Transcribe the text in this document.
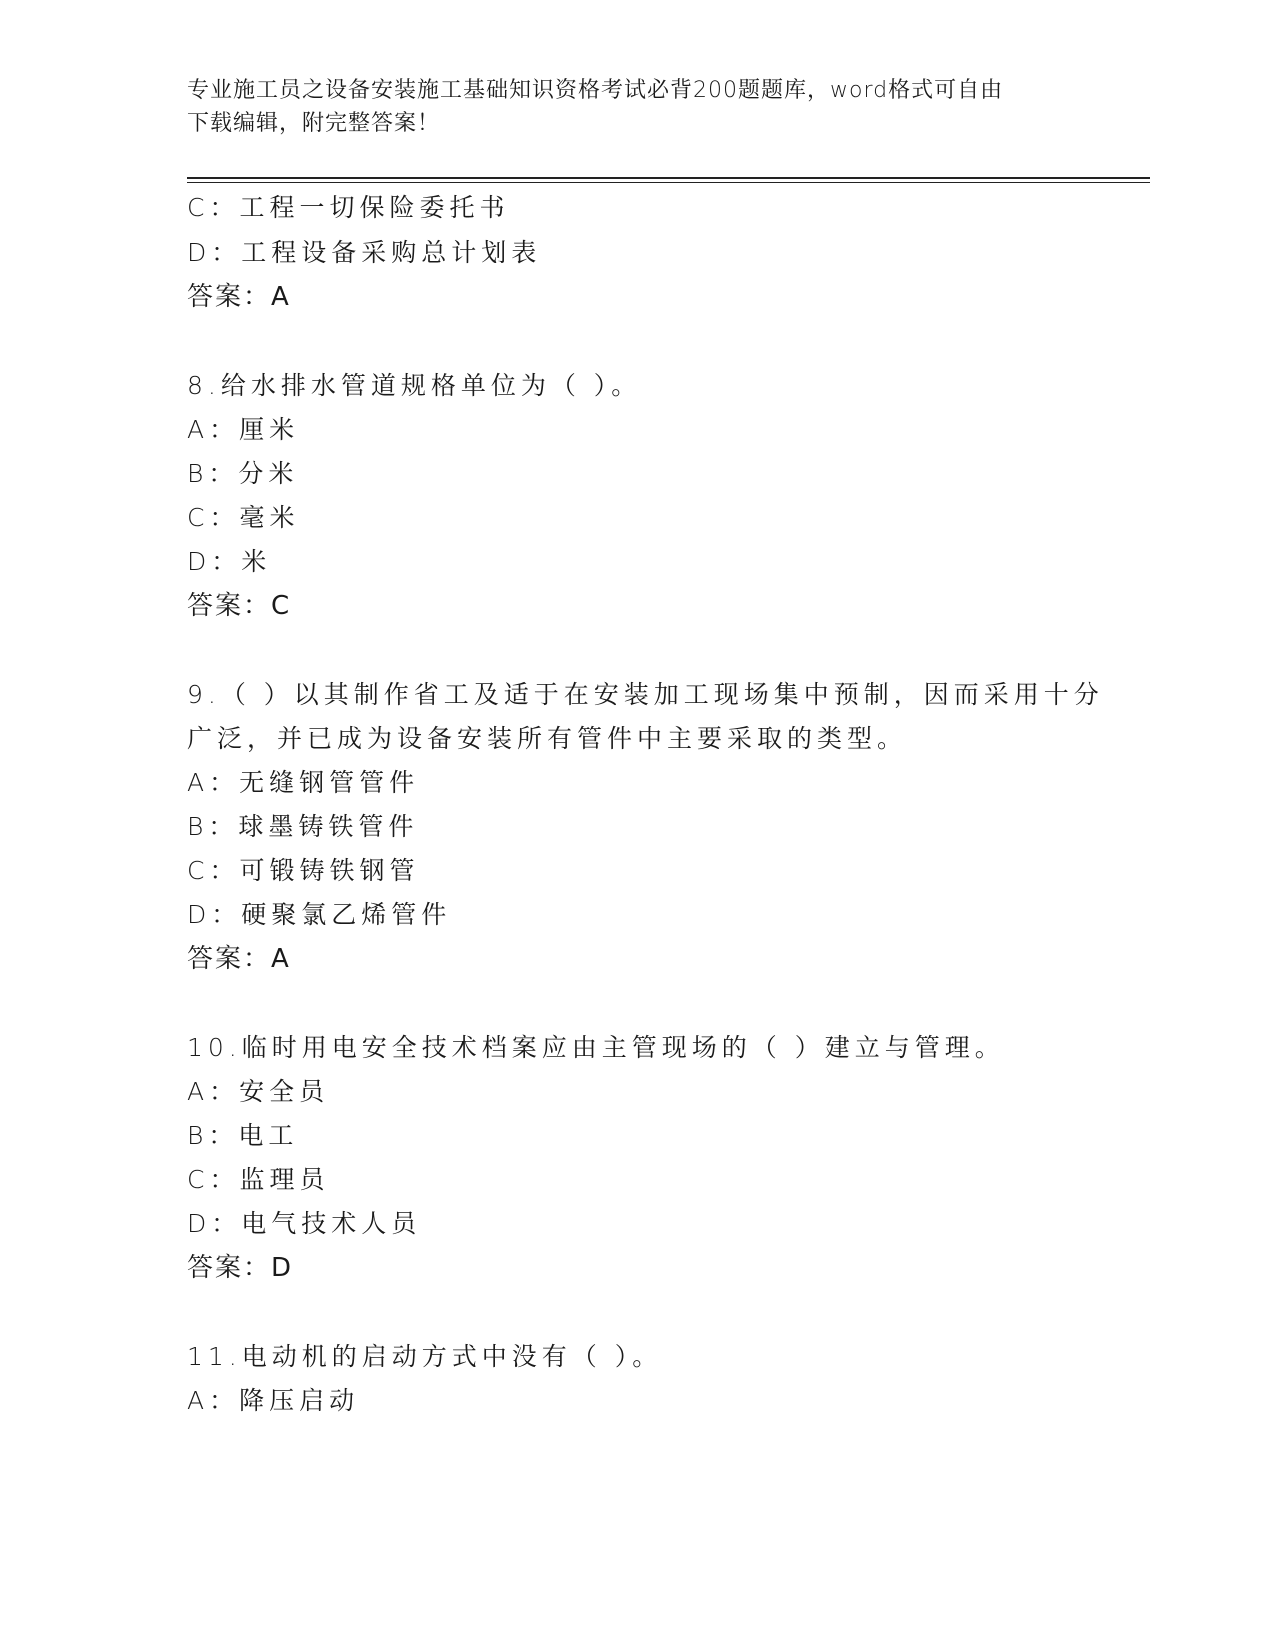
专业施工员之设备安装施工基础知识资格考试必背200题题库，word格式可自由
下载编辑，附完整答案！
C：工程一切保险委托书
D：工程设备采购总计划表
答案：A
8.给水排水管道规格单位为（ ）。
A：厘米
B：分米
C：毫米
D：米
答案：C
9.（ ）以其制作省工及适于在安装加工现场集中预制，因而采用十分
广泛，并已成为设备安装所有管件中主要采取的类型。
A：无缝钢管管件
B：球墨铸铁管件
C：可锻铸铁钢管
D：硬聚氯乙烯管件
答案：A
10.临时用电安全技术档案应由主管现场的（ ）建立与管理。
A：安全员
B：电工
C：监理员
D：电气技术人员
答案：D
11.电动机的启动方式中没有（ ）。
A：降压启动
